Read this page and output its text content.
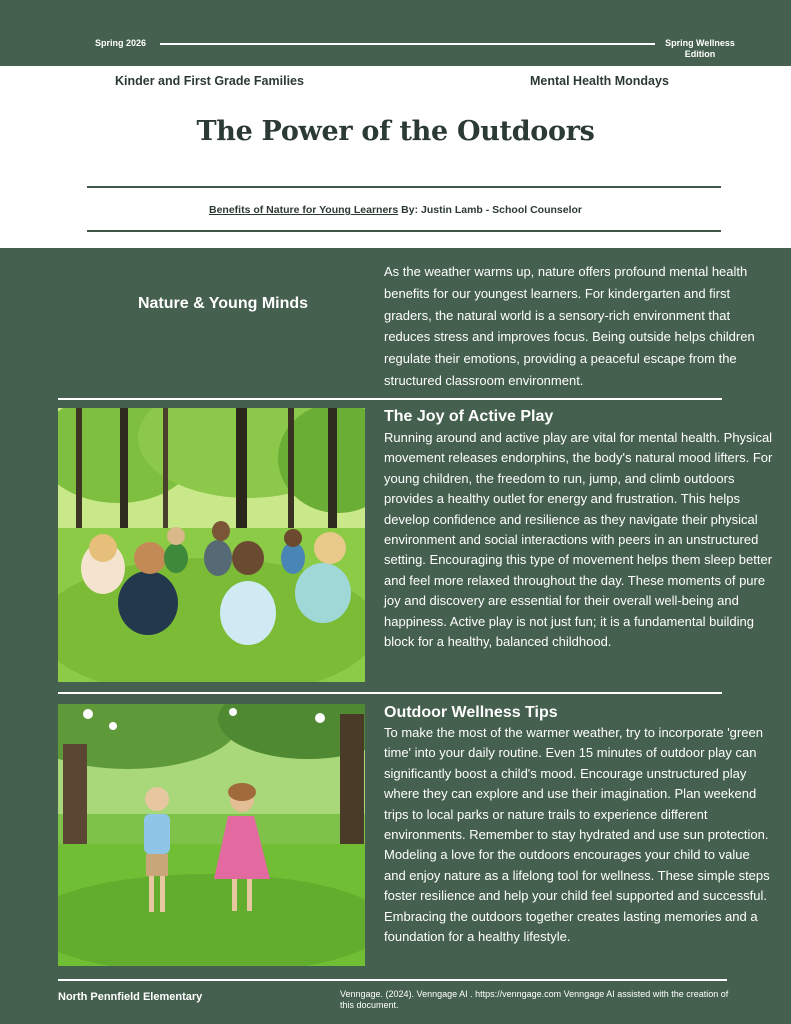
Spring 2026	Spring Wellness Edition
Kinder and First Grade Families	Mental Health Mondays
The Power of the Outdoors
Benefits of Nature for Young Learners By: Justin Lamb - School Counselor
Nature & Young Minds

As the weather warms up, nature offers profound mental health benefits for our youngest learners. For kindergarten and first graders, the natural world is a sensory-rich environment that reduces stress and improves focus. Being outside helps children regulate their emotions, providing a peaceful escape from the structured classroom environment.

The Joy of Active Play

Running around and active play are vital for mental health. Physical movement releases endorphins, the body's natural mood lifters. For young children, the freedom to run, jump, and climb outdoors provides a healthy outlet for energy and frustration. This helps develop confidence and resilience as they navigate their physical environment and social interactions with peers in an unstructured setting. Encouraging this type of movement helps them sleep better and feel more relaxed throughout the day. These moments of pure joy and discovery are essential for their overall well-being and happiness. Active play is not just fun; it is a fundamental building block for a healthy, balanced childhood.

Outdoor Wellness Tips

To make the most of the warmer weather, try to incorporate 'green time' into your daily routine. Even 15 minutes of outdoor play can significantly boost a child's mood. Encourage unstructured play where they can explore and use their imagination. Plan weekend trips to local parks or nature trails to experience different environments. Remember to stay hydrated and use sun protection. Modeling a love for the outdoors encourages your child to value and enjoy nature as a lifelong tool for wellness. These simple steps foster resilience and help your child feel supported and successful. Embracing the outdoors together creates lasting memories and a foundation for a healthy lifestyle.

North Pennfield Elementary	Venngage. (2024). Venngage AI . https://venngage.com Venngage AI assisted with the creation of this document.
